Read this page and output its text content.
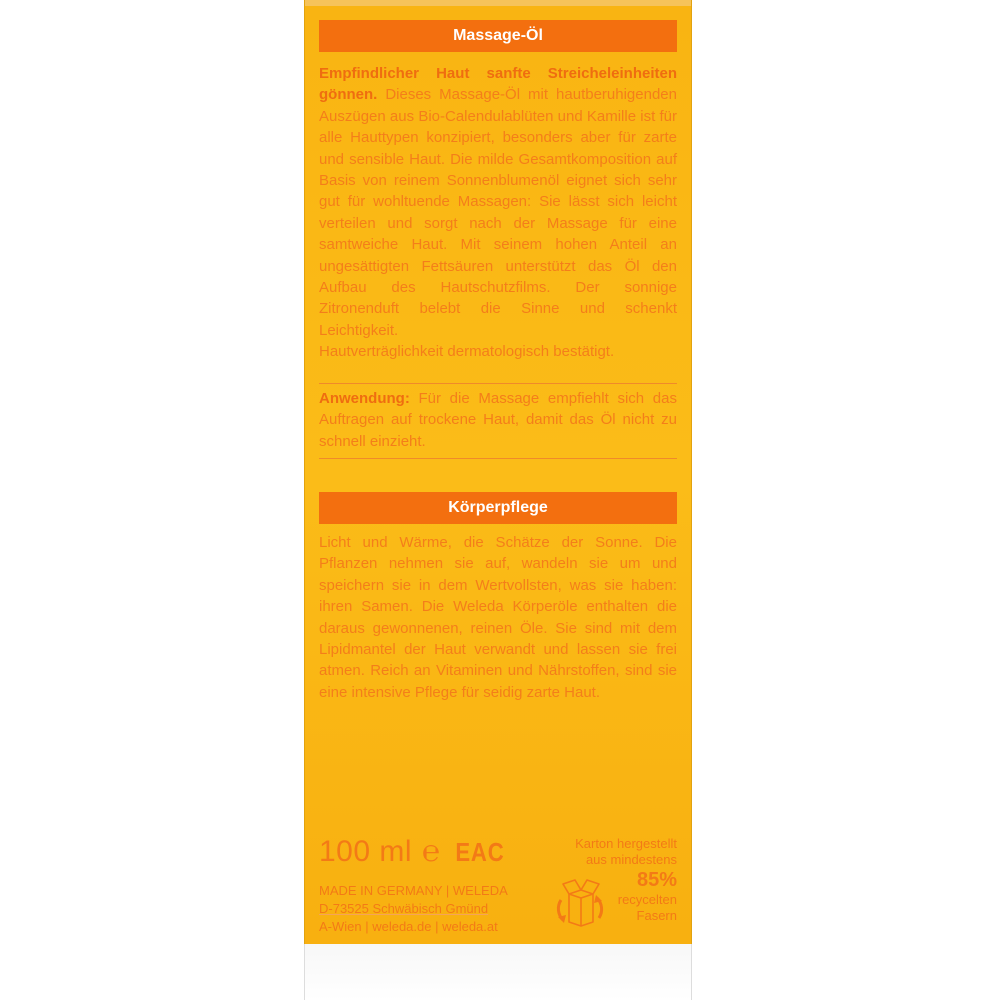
Massage-Öl

Empfindlicher Haut sanfte Streicheleinheiten gönnen. Dieses Massage-Öl mit hautberuhigenden Auszügen aus Bio-Calendulablüten und Kamille ist für alle Hauttypen konzipiert, besonders aber für zarte und sensible Haut. Die milde Gesamtkomposition auf Basis von reinem Sonnenblumenöl eignet sich sehr gut für wohltuende Massagen: Sie lässt sich leicht verteilen und sorgt nach der Massage für eine samtweiche Haut. Mit seinem hohen Anteil an ungesättigten Fettsäuren unterstützt das Öl den Aufbau des Hautschutzfilms. Der sonnige Zitronenduft belebt die Sinne und schenkt Leichtigkeit.
Hautverträglichkeit dermatologisch bestätigt.

Anwendung: Für die Massage empfiehlt sich das Auftragen auf trockene Haut, damit das Öl nicht zu schnell einzieht.

Körperpflege

Licht und Wärme, die Schätze der Sonne. Die Pflanzen nehmen sie auf, wandeln sie um und speichern sie in dem Wertvollsten, was sie haben: ihren Samen. Die Weleda Körperöle enthalten die daraus gewonnenen, reinen Öle. Sie sind mit dem Lipidmantel der Haut verwandt und lassen sie frei atmen. Reich an Vitaminen und Nährstoffen, sind sie eine intensive Pflege für seidig zarte Haut.

100 ml ℮ EAC
MADE IN GERMANY | WELEDA
D-73525 Schwäbisch Gmünd
A-Wien | weleda.de | weleda.at
Karton hergestellt
aus mindestens
85%
recycelten
Fasern
